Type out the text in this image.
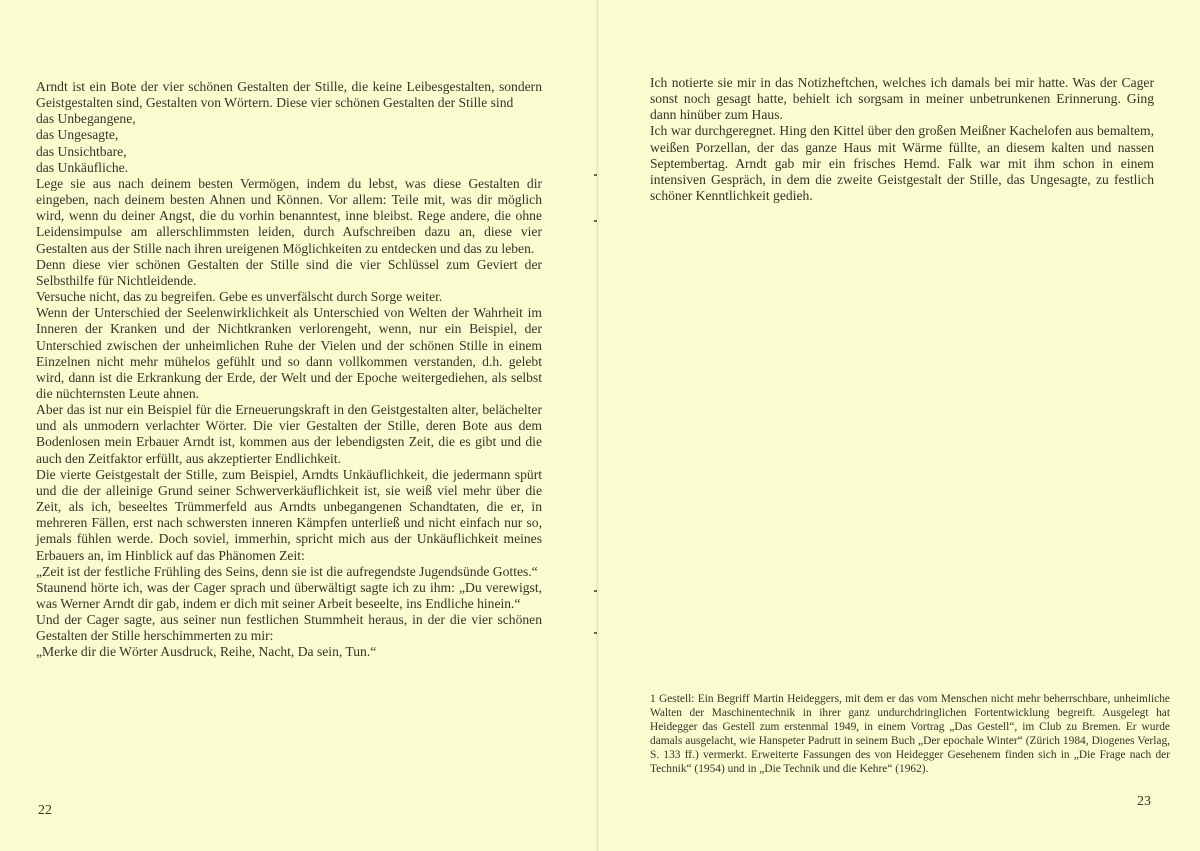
Arndt ist ein Bote der vier schönen Gestalten der Stille, die keine Leibesgestalten, sondern Geistgestalten sind, Gestalten von Wörtern. Diese vier schönen Gestalten der Stille sind

das Unbegangene,

das Ungesagte,

das Unsichtbare,

das Unkäufliche.

Lege sie aus nach deinem besten Vermögen, indem du lebst, was diese Gestalten dir eingeben, nach deinem besten Ahnen und Können. Vor allem: Teile mit, was dir möglich wird, wenn du deiner Angst, die du vorhin benanntest, inne bleibst. Rege andere, die ohne Leidensimpulse am allerschlimmsten leiden, durch Aufschreiben dazu an, diese vier Gestalten aus der Stille nach ihren ureigenen Möglichkeiten zu entdecken und das zu leben.

Denn diese vier schönen Gestalten der Stille sind die vier Schlüssel zum Geviert der Selbsthilfe für Nichtleidende.

Versuche nicht, das zu begreifen. Gebe es unverfälscht durch Sorge weiter.

Wenn der Unterschied der Seelenwirklichkeit als Unterschied von Welten der Wahrheit im Inneren der Kranken und der Nichtkranken verlorengeht, wenn, nur ein Beispiel, der Unterschied zwischen der unheimlichen Ruhe der Vielen und der schönen Stille in einem Einzelnen nicht mehr mühelos gefühlt und so dann vollkommen verstanden, d.h. gelebt wird, dann ist die Erkrankung der Erde, der Welt und der Epoche weitergediehen, als selbst die nüchternsten Leute ahnen.

Aber das ist nur ein Beispiel für die Erneuerungskraft in den Geistgestalten alter, belächelter und als unmodern verlachter Wörter. Die vier Gestalten der Stille, deren Bote aus dem Bodenlosen mein Erbauer Arndt ist, kommen aus der lebendigsten Zeit, die es gibt und die auch den Zeitfaktor erfüllt, aus akzeptierter Endlichkeit.

Die vierte Geistgestalt der Stille, zum Beispiel, Arndts Unkäuflichkeit, die jedermann spürt und die der alleinige Grund seiner Schwerverkäuflichkeit ist, sie weiß viel mehr über die Zeit, als ich, beseeltes Trümmerfeld aus Arndts unbegangenen Schandtaten, die er, in mehreren Fällen, erst nach schwersten inneren Kämpfen unterließ und nicht einfach nur so, jemals fühlen werde. Doch soviel, immerhin, spricht mich aus der Unkäuflichkeit meines Erbauers an, im Hinblick auf das Phänomen Zeit:

„Zeit ist der festliche Frühling des Seins, denn sie ist die aufregendste Jugendsünde Gottes.“

Staunend hörte ich, was der Cager sprach und überwältigt sagte ich zu ihm: „Du verewigst, was Werner Arndt dir gab, indem er dich mit seiner Arbeit beseelte, ins Endliche hinein.“

Und der Cager sagte, aus seiner nun festlichen Stummheit heraus, in der die vier schönen Gestalten der Stille herschimmerten zu mir:

„Merke dir die Wörter Ausdruck, Reihe, Nacht, Da sein, Tun.“

22

Ich notierte sie mir in das Notizheftchen, welches ich damals bei mir hatte. Was der Cager sonst noch gesagt hatte, behielt ich sorgsam in meiner unbetrunkenen Erinnerung. Ging dann hinüber zum Haus.

Ich war durchgeregnet. Hing den Kittel über den großen Meißner Kachelofen aus bemaltem, weißen Porzellan, der das ganze Haus mit Wärme füllte, an diesem kalten und nassen Septembertag. Arndt gab mir ein frisches Hemd. Falk war mit ihm schon in einem intensiven Gespräch, in dem die zweite Geistgestalt der Stille, das Ungesagte, zu festlich schöner Kenntlichkeit gedieh.

1 Gestell: Ein Begriff Martin Heideggers, mit dem er das vom Menschen nicht mehr beherrschbare, unheimliche Walten der Maschinentechnik in ihrer ganz undurchdringlichen Fortentwicklung begreift. Ausgelegt hat Heidegger das Gestell zum erstenmal 1949, in einem Vortrag „Das Gestell“, im Club zu Bremen. Er wurde damals ausgelacht, wie Hanspeter Padrutt in seinem Buch „Der epochale Winter“ (Zürich 1984, Diogenes Verlag, S. 133 ff.) vermerkt. Erweiterte Fassungen des von Heidegger Gesehenem finden sich in „Die Frage nach der Technik“ (1954) und in „Die Technik und die Kehre“ (1962).

23
